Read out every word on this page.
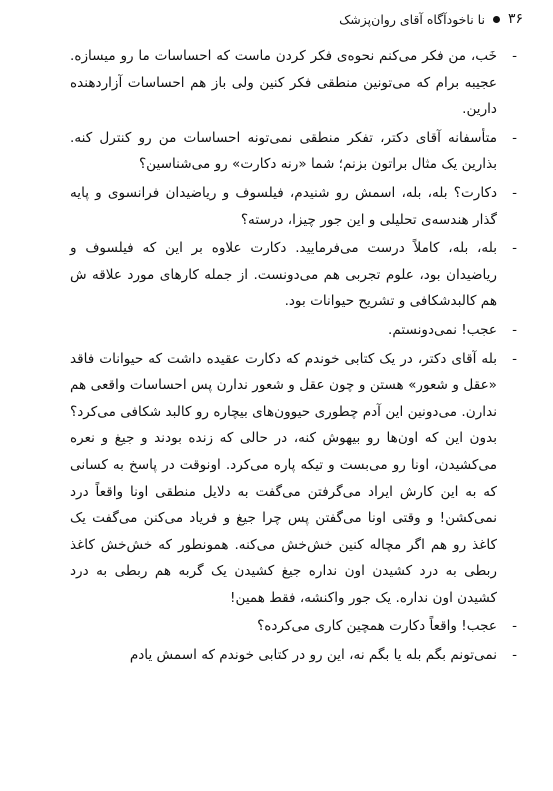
۳۶
نا ناخودآگاه آقای روان‌پزشک

-
خَب، من فکر می‌کنم نحوه‌ی فکر کردن ماست که احساسات ما رو میسازه. عجیبه برام که می‌تونین منطقی فکر کنین ولی باز هم احساسات آزاردهنده دارین.

-
متأسفانه آقای دکتر، تفکر منطقی نمی‌تونه احساسات من رو کنترل کنه. بذارین یک مثال براتون بزنم؛ شما «رنه دکارت» رو می‌شناسین؟

-
دکارت؟ بله، بله، اسمش رو شنیدم، فیلسوف و ریاضیدان فرانسوی و پایه گذار هندسه‌ی تحلیلی و این جور چیزا، درسته؟

-
بله، بله، کاملاً درست می‌فرمایید. دکارت علاوه بر این که فیلسوف و ریاضیدان بود، علوم تجربی هم می‌دونست. از جمله کارهای مورد علاقه ش هم کالبدشکافی و تشریح حیوانات بود.

-
عجب! نمی‌دونستم.

-
بله آقای دکتر، در یک کتابی خوندم که دکارت عقیده داشت که حیوانات فاقد «عقل و شعور» هستن و چون عقل و شعور ندارن پس احساسات واقعی هم ندارن. می‌دونین این آدم چطوری حیوون‌های بیچاره رو کالبد شکافی می‌کرد؟ بدون این که اون‌ها رو بیهوش کنه، در حالی که زنده بودند و جیغ و نعره می‌کشیدن، اونا رو می‌بست و تیکه پاره می‌کرد. اونوقت در پاسخ به کسانی که به این کارش ایراد می‌گرفتن می‌گفت به دلایل منطقی اونا واقعاً درد نمی‌کشن! و وقتی اونا می‌گفتن پس چرا جیغ و فریاد می‌کنن می‌گفت یک کاغذ رو هم اگر مچاله کنین خش‌خش می‌کنه. همونطور که خش‌خش کاغذ ربطی به درد کشیدن اون نداره جیغ کشیدن یک گربه هم ربطی به درد کشیدن اون نداره. یک جور واکنشه، فقط همین!

-
عجب! واقعاً دکارت همچین کاری می‌کرده؟

-
نمی‌تونم بگم بله یا بگم نه، این رو در کتابی خوندم که اسمش یادم
